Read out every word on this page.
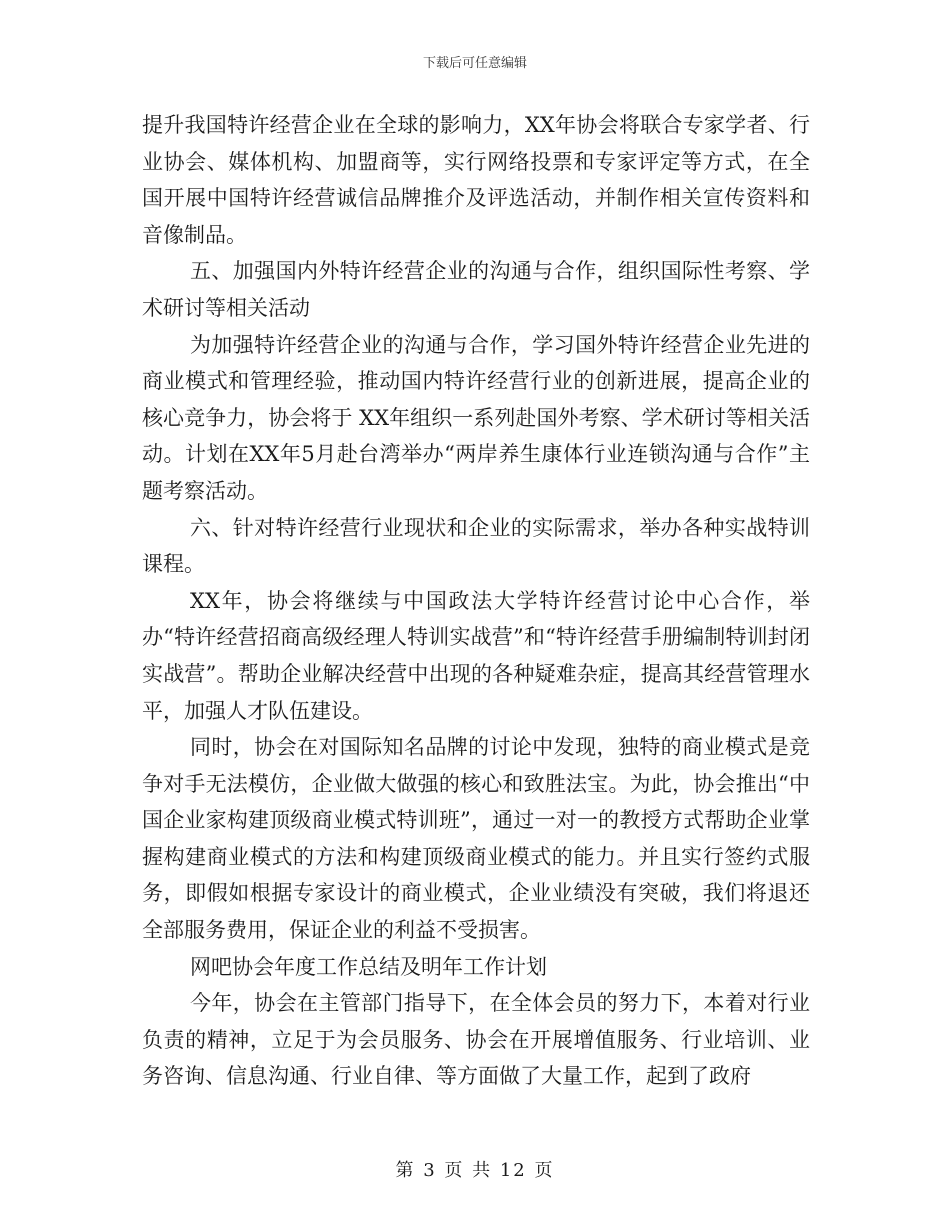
下载后可任意编辑

提升我国特许经营企业在全球的影响力，XX年协会将联合专家学者、行业协会、媒体机构、加盟商等，实行网络投票和专家评定等方式，在全国开展中国特许经营诚信品牌推介及评选活动，并制作相关宣传资料和音像制品。

五、加强国内外特许经营企业的沟通与合作，组织国际性考察、学术研讨等相关活动

为加强特许经营企业的沟通与合作，学习国外特许经营企业先进的商业模式和管理经验，推动国内特许经营行业的创新进展，提高企业的核心竞争力，协会将于 XX年组织一系列赴国外考察、学术研讨等相关活动。计划在XX年5月赴台湾举办“两岸养生康体行业连锁沟通与合作”主题考察活动。

六、针对特许经营行业现状和企业的实际需求，举办各种实战特训课程。

XX年，协会将继续与中国政法大学特许经营讨论中心合作，举办“特许经营招商高级经理人特训实战营”和“特许经营手册编制特训封闭实战营”。帮助企业解决经营中出现的各种疑难杂症，提高其经营管理水平，加强人才队伍建设。

同时，协会在对国际知名品牌的讨论中发现，独特的商业模式是竞争对手无法模仿，企业做大做强的核心和致胜法宝。为此，协会推出“中国企业家构建顶级商业模式特训班”，通过一对一的教授方式帮助企业掌握构建商业模式的方法和构建顶级商业模式的能力。并且实行签约式服务，即假如根据专家设计的商业模式，企业业绩没有突破，我们将退还全部服务费用，保证企业的利益不受损害。

网吧协会年度工作总结及明年工作计划

今年，协会在主管部门指导下，在全体会员的努力下，本着对行业负责的精神，立足于为会员服务、协会在开展增值服务、行业培训、业务咨询、信息沟通、行业自律、等方面做了大量工作，起到了政府

第 3 页 共 12 页
